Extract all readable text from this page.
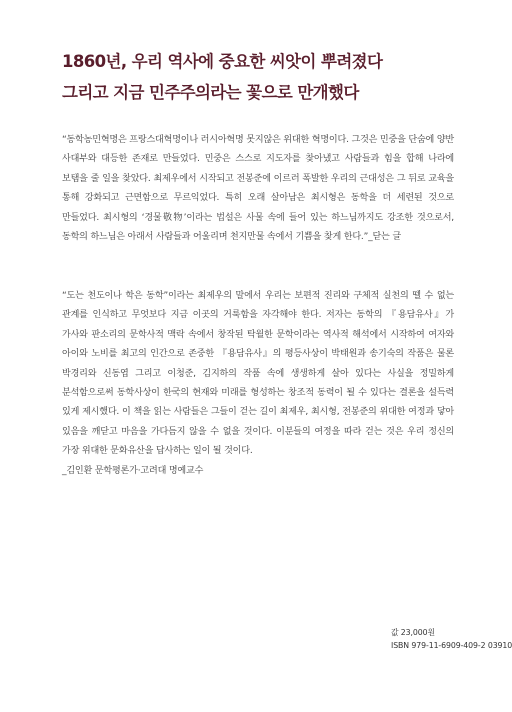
1860년, 우리 역사에 중요한 씨앗이 뿌려졌다
그리고 지금 민주주의라는 꽃으로 만개했다
“동학농민혁명은 프랑스대혁명이나 러시아혁명 못지않은 위대한 혁명이다. 그것은 민중을 단숨에 양반 사대부와 대등한 존재로 만들었다. 민중은 스스로 지도자를 찾아냈고 사람들과 힘을 합해 나라에 보탬을 줄 일을 찾았다. 최제우에서 시작되고 전봉준에 이르러 폭발한 우리의 근대성은 그 뒤로 교육을 통해 강화되고 근면함으로 무르익었다. 특히 오래 살아남은 최시형은 동학을 더 세련된 것으로 만들었다. 최시형의 ‘경물敬物’이라는 법설은 사물 속에 들어 있는 하느님까지도 강조한 것으로서, 동학의 하느님은 아래서 사람들과 어울리며 천지만물 속에서 기쁨을 찾게 한다.”_닫는 글
“도는 천도이나 학은 동학”이라는 최제우의 말에서 우리는 보편적 진리와 구체적 실천의 뗄 수 없는 관계를 인식하고 무엇보다 지금 이곳의 거룩함을 자각해야 한다. 저자는 동학의 『용담유사』가 가사와 판소리의 문학사적 맥락 속에서 창작된 탁월한 문학이라는 역사적 해석에서 시작하여 여자와 아이와 노비를 최고의 인간으로 존중한 『용담유사』의 평등사상이 박태원과 송기숙의 작품은 물론 박경리와 신동엽 그리고 이청준, 김지하의 작품 속에 생생하게 살아 있다는 사실을 정밀하게 분석함으로써 동학사상이 한국의 현재와 미래를 형성하는 창조적 동력이 될 수 있다는 결론을 설득력 있게 제시했다. 이 책을 읽는 사람들은 그들이 걷는 길이 최제우, 최시형, 전봉준의 위대한 여정과 닿아 있음을 깨닫고 마음을 가다듬지 않을 수 없을 것이다. 이분들의 여정을 따라 걷는 것은 우리 정신의 가장 위대한 문화유산을 답사하는 일이 될 것이다.
_김인환 문학평론가·고려대 명예교수
값 23,000원
ISBN 979-11-6909-409-2 03910
